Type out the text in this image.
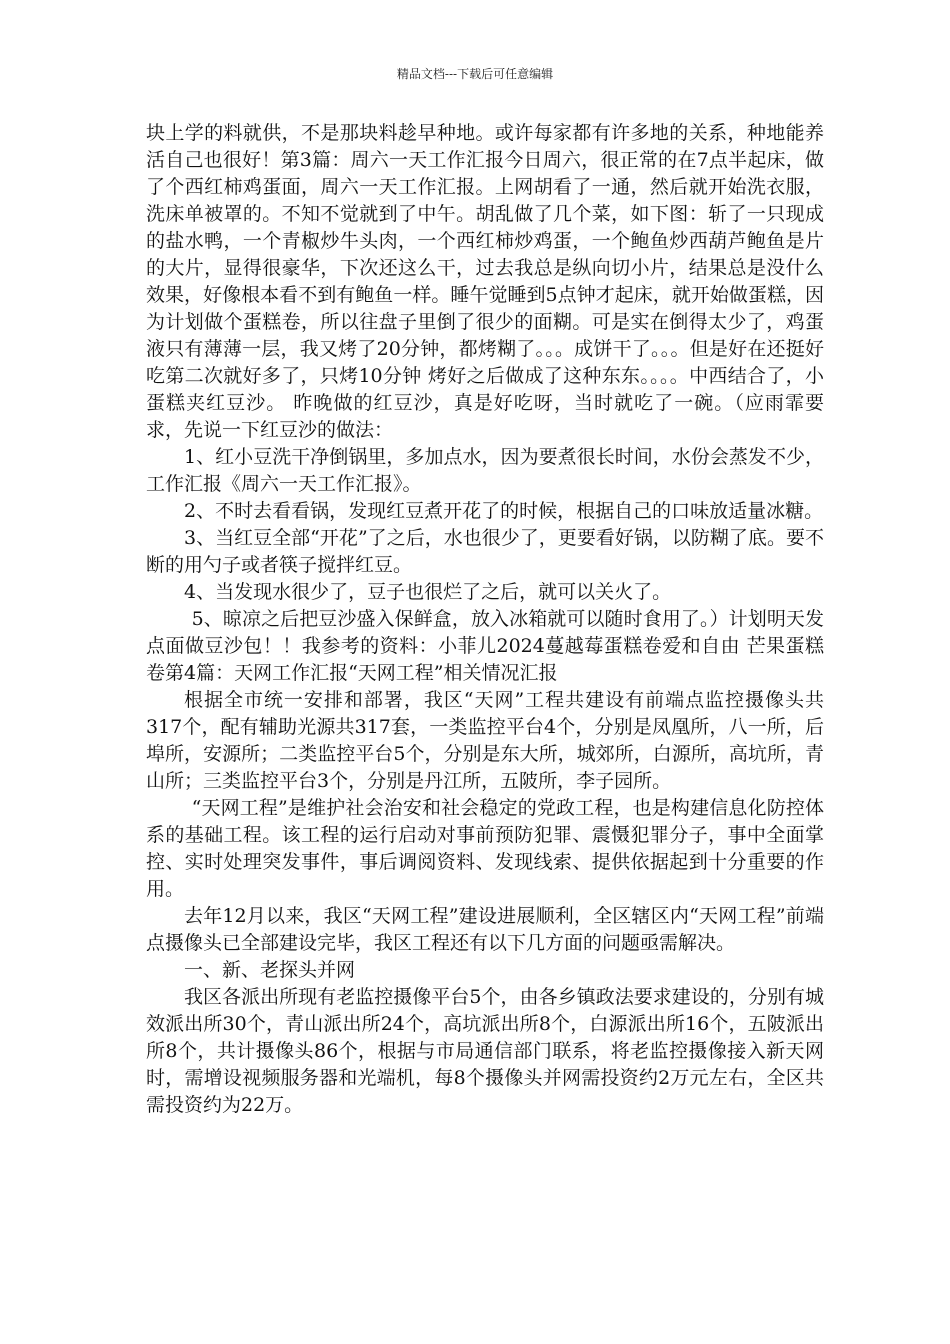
精品文档---下载后可任意编辑

块上学的料就供，不是那块料趁早种地。或许每家都有许多地的关系，种地能养活自己也很好！第3篇：周六一天工作汇报今日周六，很正常的在7点半起床，做了个西红柿鸡蛋面，周六一天工作汇报。上网胡看了一通，然后就开始洗衣服，洗床单被罩的。不知不觉就到了中午。胡乱做了几个菜，如下图：斩了一只现成的盐水鸭，一个青椒炒牛头肉，一个西红柿炒鸡蛋，一个鲍鱼炒西葫芦鲍鱼是片的大片，显得很豪华，下次还这么干，过去我总是纵向切小片，结果总是没什么效果，好像根本看不到有鲍鱼一样。睡午觉睡到5点钟才起床，就开始做蛋糕，因为计划做个蛋糕卷，所以往盘子里倒了很少的面糊。可是实在倒得太少了，鸡蛋液只有薄薄一层，我又烤了20分钟，都烤糊了。。。成饼干了。。。但是好在还挺好吃第二次就好多了，只烤10分钟 烤好之后做成了这种东东。。。。中西结合了，小蛋糕夹红豆沙。 昨晚做的红豆沙，真是好吃呀，当时就吃了一碗。（应雨霏要求，先说一下红豆沙的做法：

1、红小豆洗干净倒锅里，多加点水，因为要煮很长时间，水份会蒸发不少，工作汇报《周六一天工作汇报》。

2、不时去看看锅，发现红豆煮开花了的时候，根据自己的口味放适量冰糖。

3、当红豆全部“开花”了之后，水也很少了，更要看好锅，以防糊了底。要不断的用勺子或者筷子搅拌红豆。

4、当发现水很少了，豆子也很烂了之后，就可以关火了。

5、晾凉之后把豆沙盛入保鲜盒，放入冰箱就可以随时食用了。）计划明天发点面做豆沙包！！我参考的资料：小菲儿2024蔓越莓蛋糕卷爱和自由 芒果蛋糕卷第4篇：天网工作汇报“天网工程”相关情况汇报

根据全市统一安排和部署，我区“天网”工程共建设有前端点监控摄像头共317个，配有辅助光源共317套，一类监控平台4个，分别是凤凰所，八一所，后埠所，安源所；二类监控平台5个，分别是东大所，城郊所，白源所，高坑所，青山所；三类监控平台3个，分别是丹江所，五陂所，李子园所。

“天网工程”是维护社会治安和社会稳定的党政工程，也是构建信息化防控体系的基础工程。该工程的运行启动对事前预防犯罪、震慑犯罪分子，事中全面掌控、实时处理突发事件，事后调阅资料、发现线索、提供依据起到十分重要的作用。

去年12月以来，我区“天网工程”建设进展顺利，全区辖区内“天网工程”前端点摄像头已全部建设完毕，我区工程还有以下几方面的问题亟需解决。

一、新、老探头并网

我区各派出所现有老监控摄像平台5个，由各乡镇政法要求建设的，分别有城效派出所30个，青山派出所24个，高坑派出所8个，白源派出所16个，五陂派出所8个，共计摄像头86个，根据与市局通信部门联系，将老监控摄像接入新天网时，需增设视频服务器和光端机，每8个摄像头并网需投资约2万元左右，全区共需投资约为22万。
